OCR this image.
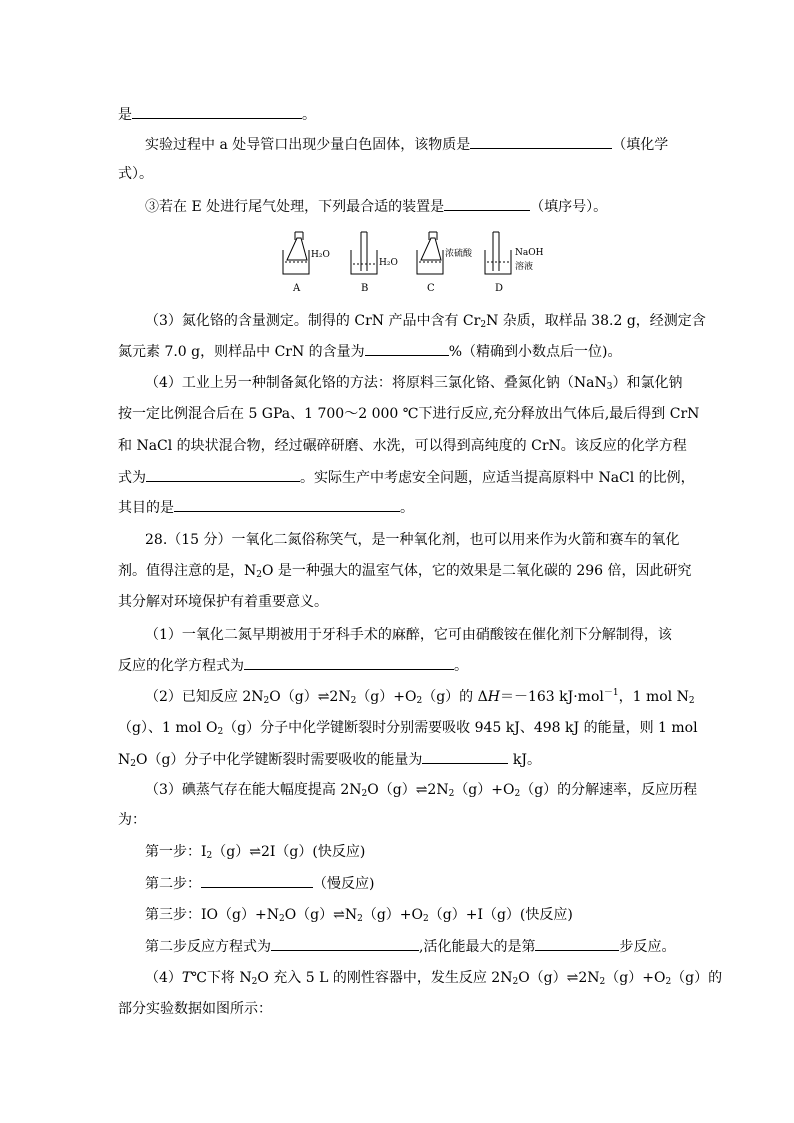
是	。
实验过程中 a 处导管口出现少量白色固体，该物质是	（填化学
式）。
③若在 E 处进行尾气处理，下列最合适的装置是	（填序号）。
H₂O
H₂O
浓硫酸	NaOH
溶液
A	B	C	D
（3）氮化铬的含量测定。制得的 CrN 产品中含有 $Cr_2N$ 杂质，取样品 38.2 g，经测定含
氮元素 7.0 g，则样品中 CrN 的含量为	%（精确到小数点后一位)。
（4）工业上另一种制备氮化铬的方法：将原料三氯化铬、叠氮化钠（NaN$_3$）和氯化钠
按一定比例混合后在 5 GPa、1 700～2 000 ℃下进行反应,充分释放出气体后,最后得到 CrN
和 NaCl 的块状混合物，经过碾碎研磨、水洗，可以得到高纯度的 CrN。该反应的化学方程
式为	。实际生产中考虑安全问题，应适当提高原料中 NaCl 的比例，
其目的是	。
28.（15 分）一氧化二氮俗称笑气，是一种氧化剂，也可以用来作为火箭和赛车的氧化
剂。值得注意的是，$N_2O$ 是一种强大的温室气体，它的效果是二氧化碳的 296 倍，因此研究
其分解对环境保护有着重要意义。
（1）一氧化二氮早期被用于牙科手术的麻醉，它可由硝酸铵在催化剂下分解制得，该
反应的化学方程式为	。
（2）已知反应 $2N_2O(g)\rightleftharpoons 2N_2(g)+O_2(g)$的 ΔH＝－163 kJ·mol$^{-1}$，1 mol $N_2$
（g）、1 mol $O_2(g)$分子中化学键断裂时分别需要吸收 945 kJ、498 kJ 的能量，则 1 mol
$N_2O(g)$分子中化学键断裂时需要吸收的能量为	kJ。
（3）碘蒸气存在能大幅度提高 $2N_2O(g)\rightleftharpoons 2N_2(g)+O_2(g)$的分解速率，反应历程
为：
第一步：$I_2(g)\rightleftharpoons 2I(g)$(快反应)
第二步：	（慢反应)
第三步：$IO(g)+N_2O(g)\rightleftharpoons N_2(g)+O_2(g)+I(g)$(快反应)
第二步反应方程式为	,活化能最大的是第	步反应。
（4）T℃下将 $N_2O$ 充入 5 L 的刚性容器中，发生反应 $2N_2O(g)\rightleftharpoons 2N_2(g)+O_2(g)$的
部分实验数据如图所示：
